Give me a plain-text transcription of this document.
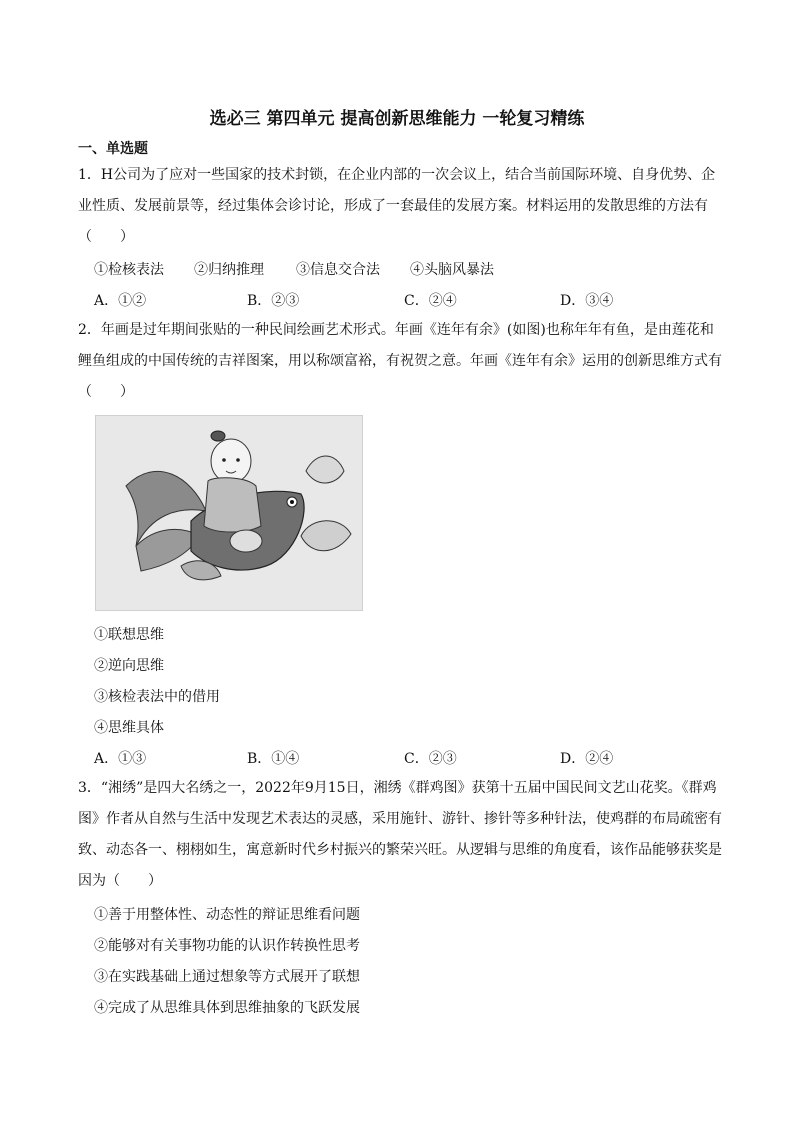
选必三 第四单元 提高创新思维能力 一轮复习精练
一、单选题

1．H公司为了应对一些国家的技术封锁，在企业内部的一次会议上，结合当前国际环境、自身优势、企业性质、发展前景等，经过集体会诊讨论，形成了一套最佳的发展方案。材料运用的发散思维的方法有（　　）

①检核表法 ②归纳推理 ③信息交合法 ④头脑风暴法
A．①②	B．②③	C．②④	D．③④

2．年画是过年期间张贴的一种民间绘画艺术形式。年画《连年有余》(如图)也称年年有鱼，是由莲花和鲤鱼组成的中国传统的吉祥图案，用以称颂富裕，有祝贺之意。年画《连年有余》运用的创新思维方式有（　　）

①联想思维
②逆向思维
③核检表法中的借用
④思维具体
A．①③	B．①④	C．②③	D．②④

3．“湘绣”是四大名绣之一，2022年9月15日，湘绣《群鸡图》获第十五届中国民间文艺山花奖。《群鸡图》作者从自然与生活中发现艺术表达的灵感，采用施针、游针、掺针等多种针法，使鸡群的布局疏密有致、动态各一、栩栩如生，寓意新时代乡村振兴的繁荣兴旺。从逻辑与思维的角度看，该作品能够获奖是因为（　　）

①善于用整体性、动态性的辩证思维看问题
②能够对有关事物功能的认识作转换性思考
③在实践基础上通过想象等方式展开了联想
④完成了从思维具体到思维抽象的飞跃发展
